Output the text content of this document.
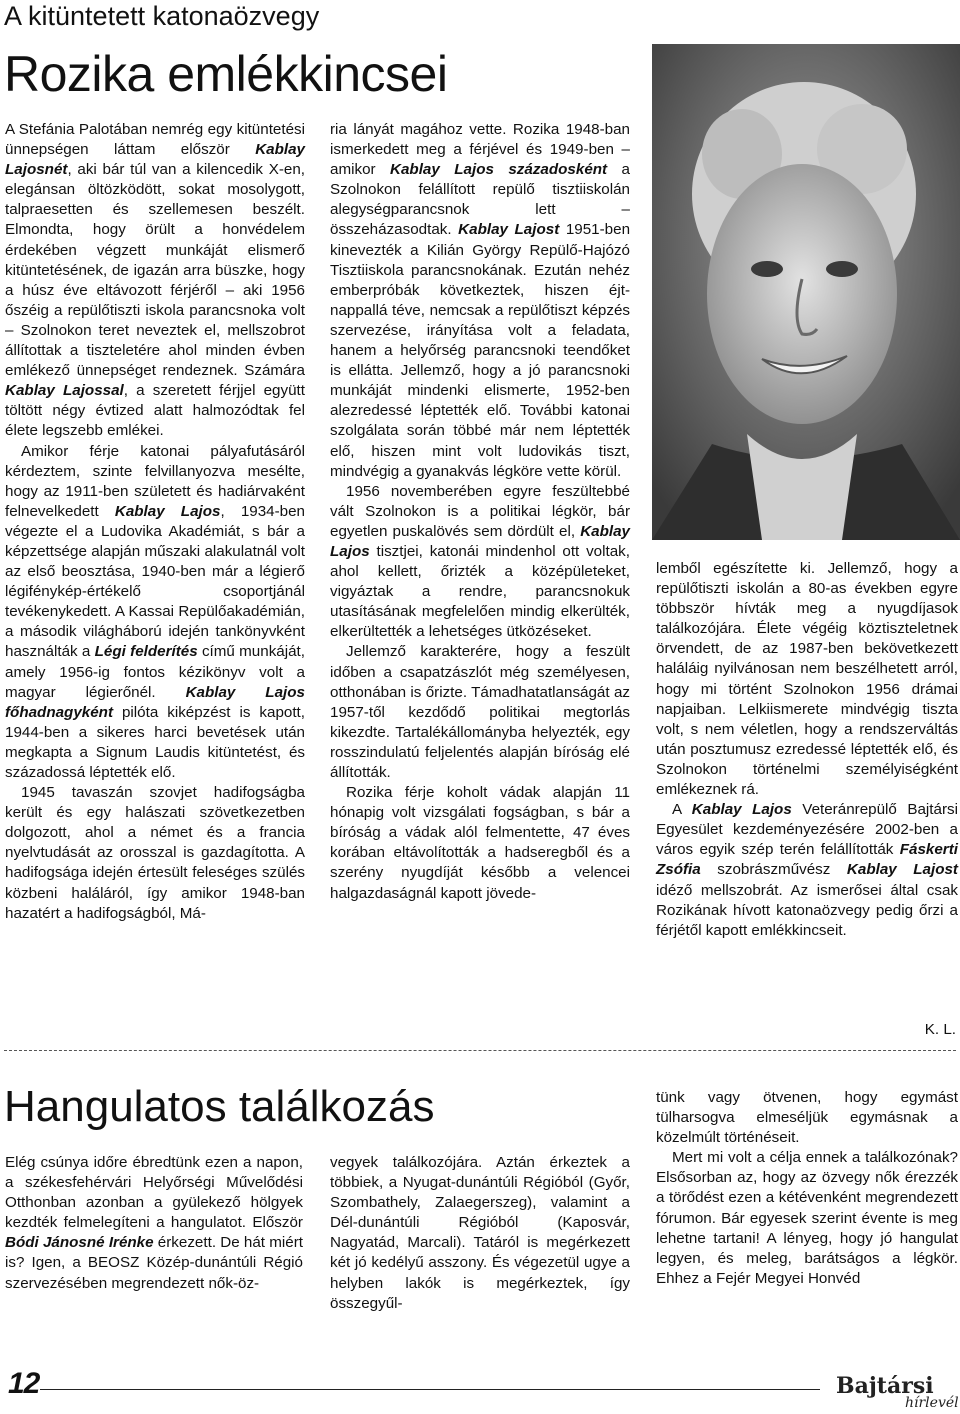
A kitüntetett katonaözvegy
Rozika emlékkincsei

A Stefánia Palotában nemrég egy kitüntetési ünnepségen láttam először Kablay Lajosnét, aki bár túl van a kilencedik X-en, elegánsan öltözködött, sokat mosolygott, talpraesetten és szellemesen beszélt. Elmondta, hogy örült a honvédelem érdekében végzett munkáját elismerő kitüntetésének, de igazán arra büszke, hogy a húsz éve eltávozott férjéről – aki 1956 őszéig a repülőtiszti iskola parancsnoka volt – Szolnokon teret neveztek el, mellszobrot állítottak a tiszteletére ahol minden évben emlékező ünnepséget rendeznek. Számára Kablay Lajossal, a szeretett férjjel együtt töltött négy évtized alatt halmozódtak fel élete legszebb emlékei.

Amikor férje katonai pályafutásáról kérdeztem, szinte felvillanyozva mesélte, hogy az 1911-ben született és hadiárvaként felnevelkedett Kablay Lajos, 1934-ben végezte el a Ludovika Akadémiát, s bár a képzettsége alapján műszaki alakulatnál volt az első beosztása, 1940-ben már a légierő légifénykép-értékelő csoportjánál tevékenykedett. A Kassai Repülőakadémián, a második világháború idején tankönyvként használták a Légi felderítés című munkáját, amely 1956-ig fontos kézikönyv volt a magyar légierőnél. Kablay Lajos főhadnagyként pilóta kiképzést is kapott, 1944-ben a sikeres harci bevetések után megkapta a Signum Laudis kitüntetést, és századossá léptették elő.

1945 tavaszán szovjet hadifogságba került és egy halászati szövetkezetben dolgozott, ahol a német és a francia nyelvtudását az orosszal is gazdagította. A hadifogsága idején értesült feleséges szülés közbeni haláláról, így amikor 1948-ban hazatért a hadifogságból, Má-

ria lányát magához vette. Rozika 1948-ban ismerkedett meg a férjével és 1949-ben – amikor Kablay Lajos századosként a Szolnokon felállított repülő tisztiiskolán alegységparancsnok lett – összeházasodtak. Kablay Lajost 1951-ben kinevezték a Kilián György Repülő-Hajózó Tisztiiskola parancsnokának. Ezután nehéz emberpróbák következtek, hiszen éjt-nappallá téve, nemcsak a repülőtiszt képzés szervezése, irányítása volt a feladata, hanem a helyőrség parancsnoki teendőket is ellátta. Jellemző, hogy a jó parancsnoki munkáját mindenki elismerte, 1952-ben alezredessé léptették elő. További katonai szolgálata során többé már nem léptették elő, hiszen mint volt ludovikás tiszt, mindvégig a gyanakvás légköre vette körül.

1956 novemberében egyre feszültebbé vált Szolnokon is a politikai légkör, bár egyetlen puskalövés sem dördült el, Kablay Lajos tisztjei, katonái mindenhol ott voltak, ahol kellett, őrizték a középületeket, vigyáztak a rendre, parancsnokuk utasításának megfelelően mindig elkerülték, elkerültették a lehetséges ütközéseket.

Jellemző karakterére, hogy a feszült időben a csapatzászlót még személyesen, otthonában is őrizte. Támadhatatlanságát az 1957-től kezdődő politikai megtorlás kikezdte. Tartalékállományba helyezték, egy rosszindulatú feljelentés alapján bíróság elé állították.

Rozika férje koholt vádak alapján 11 hónapig volt vizsgálati fogságban, s bár a bíróság a vádak alól felmentette, 47 éves korában eltávolították a hadseregből és a szerény nyugdíját később a velencei halgazdaságnál kapott jövede-

lemből egészítette ki. Jellemző, hogy a repülőtiszti iskolán a 80-as években egyre többször hívták meg a nyugdíjasok találkozójára. Élete végéig köztiszteletnek örvendett, de az 1987-ben bekövetkezett haláláig nyilvánosan nem beszélhetett arról, hogy mi történt Szolnokon 1956 drámai napjaiban. Lelkiismerete mindvégig tiszta volt, s nem véletlen, hogy a rendszerváltás után posztumusz ezredessé léptették elő, és Szolnokon történelmi személyiségként emlékeznek rá.

A Kablay Lajos Veteránrepülő Bajtársi Egyesület kezdeményezésére 2002-ben a város egyik szép terén felállították Fáskerti Zsófia szobrászművész Kablay Lajost idéző mellszobrát. Az ismerősei által csak Rozikának hívott katonaözvegy pedig őrzi a férjétől kapott emlékkincseit.

K. L.
Hangulatos találkozás

Elég csúnya időre ébredtünk ezen a napon, a székesfehérvári Helyőrségi Művelődési Otthonban azonban a gyülekező hölgyek kezdték felmelegíteni a hangulatot. Először Bódi Jánosné Irénke érkezett. De hát miért is? Igen, a BEOSZ Közép-dunántúli Régió szervezésében megrendezett nők-öz-

vegyek találkozójára. Aztán érkeztek a többiek, a Nyugat-dunántúli Régióból (Győr, Szombathely, Zalaegerszeg), valamint a Dél-dunántúli Régióból (Kaposvár, Nagyatád, Marcali). Tatáról is megérkezett két jó kedélyű asszony. És végezetül ugye a helyben lakók is megérkeztek, így összegyűl-

tünk vagy ötvenen, hogy egymást tülharsogva elmeséljük egymásnak a közelmúlt történéseit.

Mert mi volt a célja ennek a találkozónak? Elsősorban az, hogy az özvegy nők érezzék a törődést ezen a kétévenként megrendezett fórumon. Bár egyesek szerint évente is meg lehetne tartani! A lényeg, hogy jó hangulat legyen, és meleg, barátságos a légkör. Ehhez a Fejér Megyei Honvéd

12	Bajtársi
hírlevél
